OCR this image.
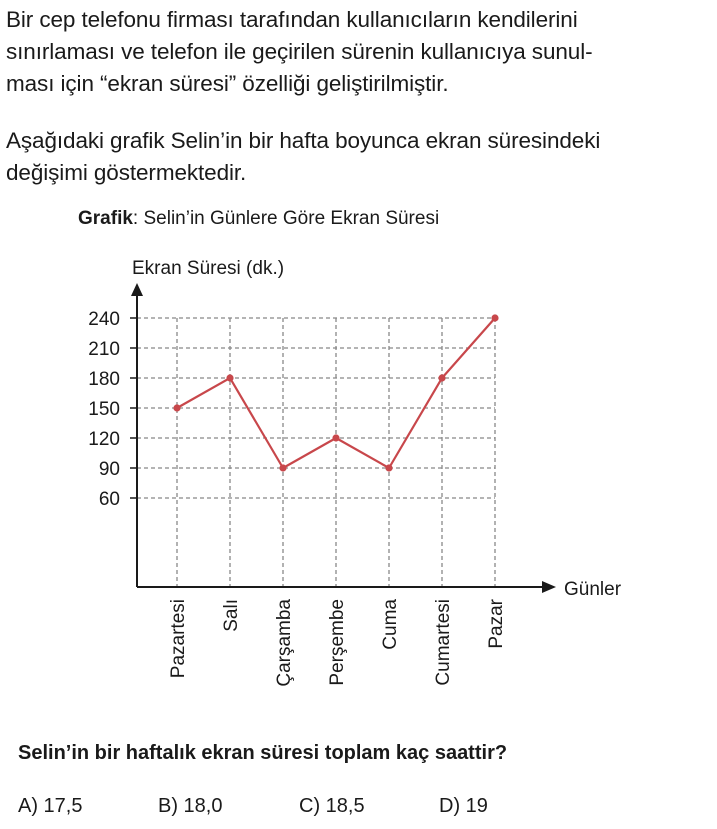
Bir cep telefonu firması tarafından kullanıcıların kendilerini
sınırlaması ve telefon ile geçirilen sürenin kullanıcıya sunul-
ması için “ekran süresi” özelliği geliştirilmiştir.
Aşağıdaki grafik Selin’in bir hafta boyunca ekran süresindeki
değişimi göstermektedir.

Grafik: Selin’in Günlere Göre Ekran Süresi

Ekran Süresi (dk.)
Günler
60
90
120
150
180
210
240
Pazartesi Salı Çarşamba Perşembe Cuma Cumartesi Pazar

Selin’in bir haftalık ekran süresi toplam kaç saattir?

A) 17,5	B) 18,0	C) 18,5	D) 19
